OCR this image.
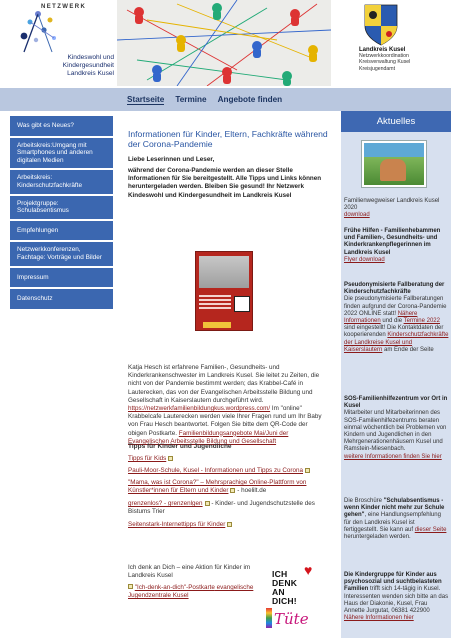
NETZWERK
Kindeswohl und
Kindergesundheit
Landkreis Kusel
Landkreis Kusel
Netzwerkkoordination
Kreisverwaltung Kusel
Kreisjugendamt
Startseite Termine Angebote finden
Was gibt es Neues?
Arbeitskreis:Umgang mit Smartphones und anderen digitalen Medien
Arbeitskreis: Kinderschutzfachkräfte
Projektgruppe: Schulabsentismus
Empfehlungen
Netzwerkkonferenzen, Fachtage: Vorträge und Bilder
Impressum
Datenschutz
Informationen für Kinder, Eltern, Fachkräfte während der Corona-Pandemie
Liebe Leserinnen und Leser,
während der Corona-Pandemie werden an dieser Stelle Informationen für Sie bereitgestellt. Alle Tipps und Links können heruntergeladen werden. Bleiben Sie gesund! Ihr Netzwerk Kindeswohl und Kindergesundheit im Landkreis Kusel
Katja Hesch ist erfahrene Familien-, Gesundheits- und Kinderkrankenschwester im Landkreis Kusel. Sie leitet zu Zeiten, die nicht von der Pandemie bestimmt werden; das Krabbel-Café in Lauterecken, das von der Evangelischen Arbeitsstelle Bildung und Gesellschaft in Kaiserslautern durchgeführt wird. https://netzwerkfamilienbildungkus.wordpress.com/ Im "online" Krabbelcafe Lauterecken werden viele Ihrer Fragen rund um Ihr Baby von Frau Hesch beantwortet. Folgen Sie bitte dem QR-Code der obigen Postkarte. Familienbildungsangebote Mai/Juni der Evangelischen Arbeitsstelle Bildung und Gesellschaft
Tipps für Kinder und Jugendliche
Tipps für Kids
Pauli-Moor-Schule, Kusel - Informationen und Tipps zu Corona
"Mama, was ist Corona?" – Mehrsprachige Online-Plattform von Künstler*innen für Eltern und Kinder - hoelilt.de
grenzenlos? - grenzenlgen - Kinder- und Jugendschutzstelle des Bistums Trier
Seitenstark-Internettipps für Kinder
Ich denk an Dich – eine Aktion für Kinder im Landkreis Kusel
"Ich-denk-an-dich"-Postkarte evangelische Jugendzentrale Kusel
♥
ICH DENK AN DICH!
Tüte
Aktuelles
Familienwegweiser Landkreis Kusel 2020
download
Frühe Hilfen - Familienhebammen und Familien-, Gesundheits- und Kinderkrankenpflegerinnen im Landkreis Kusel
Flyer download
Pseudonymisierte Fallberatung der Kinderschutzfachkräfte
Die pseudonymisierte Fallberatungen finden aufgrund der Corona-Pandemie 2022 ONLINE statt! Nähere Informationen und die Termine 2022 sind eingestellt! Die Kontaktdaten der kooperierenden Kinderschutzfachkräfte der Landkreise Kusel und Kaiserslautern am Ende der Seite
SOS-Familienhilfezentrum vor Ort in Kusel
Mitarbeiter und Mitarbeiterinnen des SOS-Familienhilfezentrums beraten einmal wöchentlich bei Problemen von Kindern und Jugendlichen in den Mehrgenerationenhäusern Kusel und Ramstein-Miesenbach.
weitere Informationen finden Sie hier
Die Broschüre "Schulabsentismus - wenn Kinder nicht mehr zur Schule gehen", eine Handlungsempfehlung für den Landkreis Kusel ist fertiggestellt. Sie kann auf dieser Seite heruntergeladen werden.
Die Kindergruppe für Kinder aus psychosozial und suchtbelasteten Familien trifft sich 14-tägig in Kusel. Interessenten wenden sich bitte an das Haus der Diakonie, Kusel, Frau Annette Jurgutat, 06381 422900
Nähere Informationen hier
